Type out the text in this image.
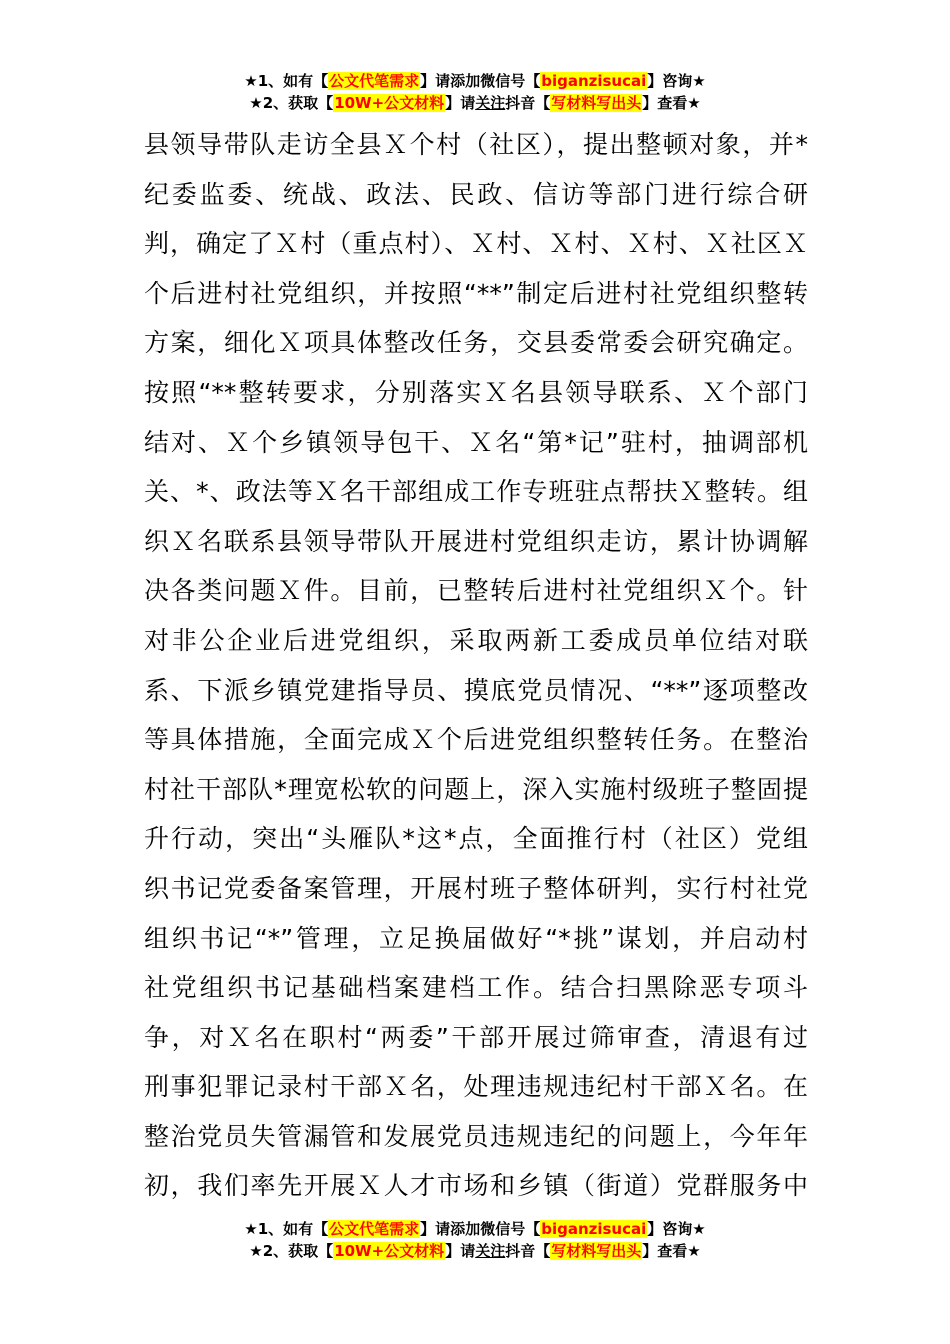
★1、如有【公文代笔需求】请添加微信号【biganzisucai】咨询★
★2、获取【10W+公文材料】请关注抖音【写材料写出头】查看★
县领导带队走访全县Ｘ个村（社区），提出整顿对象，并*
纪委监委、统战、政法、民政、信访等部门进行综合研
判，确定了Ｘ村（重点村）、Ｘ村、Ｘ村、Ｘ村、Ｘ社区Ｘ
个后进村社党组织，并按照“**”制定后进村社党组织整转
方案，细化Ｘ项具体整改任务，交县委常委会研究确定。
按照“**整转要求，分别落实Ｘ名县领导联系、Ｘ个部门
结对、Ｘ个乡镇领导包干、Ｘ名“第*记”驻村，抽调部机
关、*、政法等Ｘ名干部组成工作专班驻点帮扶Ｘ整转。组
织Ｘ名联系县领导带队开展进村党组织走访，累计协调解
决各类问题Ｘ件。目前，已整转后进村社党组织Ｘ个。针
对非公企业后进党组织，采取两新工委成员单位结对联
系、下派乡镇党建指导员、摸底党员情况、“**”逐项整改
等具体措施，全面完成Ｘ个后进党组织整转任务。在整治
村社干部队*理宽松软的问题上，深入实施村级班子整固提
升行动，突出“头雁队*这*点，全面推行村（社区）党组
织书记党委备案管理，开展村班子整体研判，实行村社党
组织书记“*”管理，立足换届做好“*挑”谋划，并启动村
社党组织书记基础档案建档工作。结合扫黑除恶专项斗
争，对Ｘ名在职村“两委”干部开展过筛审查，清退有过
刑事犯罪记录村干部Ｘ名，处理违规违纪村干部Ｘ名。在
整治党员失管漏管和发展党员违规违纪的问题上，今年年
初，我们率先开展Ｘ人才市场和乡镇（街道）党群服务中
★1、如有【公文代笔需求】请添加微信号【biganzisucai】咨询★
★2、获取【10W+公文材料】请关注抖音【写材料写出头】查看★
